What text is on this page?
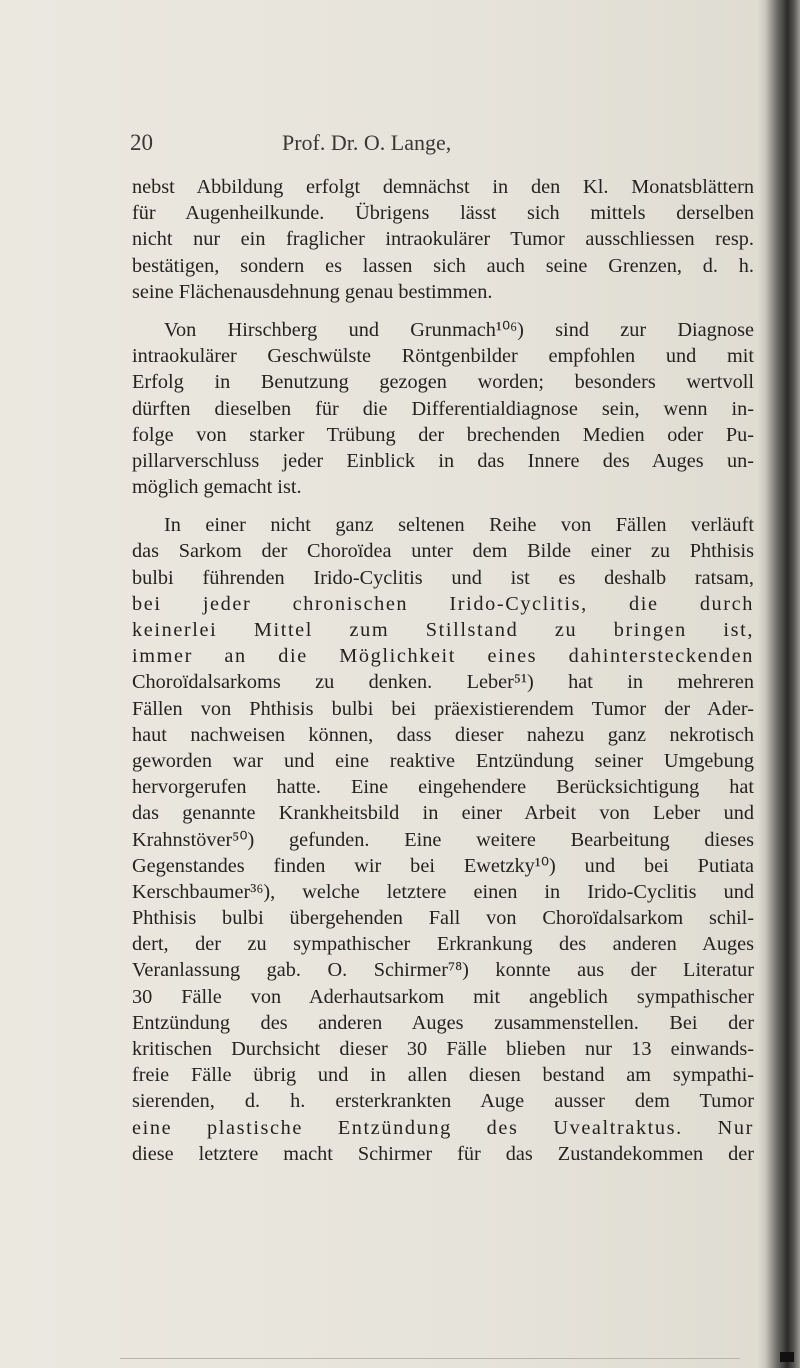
20	Prof. Dr. O. Lange,
nebst Abbildung erfolgt demnächst in den Kl. Monatsblättern
für Augenheilkunde. Übrigens lässt sich mittels derselben
nicht nur ein fraglicher intraokulärer Tumor ausschliessen resp.
bestätigen, sondern es lassen sich auch seine Grenzen, d. h.
seine Flächenausdehnung genau bestimmen.
Von Hirschberg und Grunmach¹⁰⁶) sind zur Diagnose
intraokulärer Geschwülste Röntgenbilder empfohlen und mit
Erfolg in Benutzung gezogen worden; besonders wertvoll
dürften dieselben für die Differentialdiagnose sein, wenn in-
folge von starker Trübung der brechenden Medien oder Pu-
pillarverschluss jeder Einblick in das Innere des Auges un-
möglich gemacht ist.
In einer nicht ganz seltenen Reihe von Fällen verläuft
das Sarkom der Choroïdea unter dem Bilde einer zu Phthisis
bulbi führenden Irido-Cyclitis und ist es deshalb ratsam,
bei jeder chronischen Irido-Cyclitis, die durch
keinerlei Mittel zum Stillstand zu bringen ist,
immer an die Möglichkeit eines dahintersteckenden
Choroïdalsarkoms zu denken. Leber⁵¹) hat in mehreren
Fällen von Phthisis bulbi bei präexistierendem Tumor der Ader-
haut nachweisen können, dass dieser nahezu ganz nekrotisch
geworden war und eine reaktive Entzündung seiner Umgebung
hervorgerufen hatte. Eine eingehendere Berücksichtigung hat
das genannte Krankheitsbild in einer Arbeit von Leber und
Krahnstöver⁵⁰) gefunden. Eine weitere Bearbeitung dieses
Gegenstandes finden wir bei Ewetzky¹⁰) und bei Putiata
Kerschbaumer³⁶), welche letztere einen in Irido-Cyclitis und
Phthisis bulbi übergehenden Fall von Choroïdalsarkom schil-
dert, der zu sympathischer Erkrankung des anderen Auges
Veranlassung gab. O. Schirmer⁷⁸) konnte aus der Literatur
30 Fälle von Aderhautsarkom mit angeblich sympathischer
Entzündung des anderen Auges zusammenstellen. Bei der
kritischen Durchsicht dieser 30 Fälle blieben nur 13 einwands-
freie Fälle übrig und in allen diesen bestand am sympathi-
sierenden, d. h. ersterkrankten Auge ausser dem Tumor
eine plastische Entzündung des Uvealtraktus. Nur
diese letztere macht Schirmer für das Zustandekommen der
